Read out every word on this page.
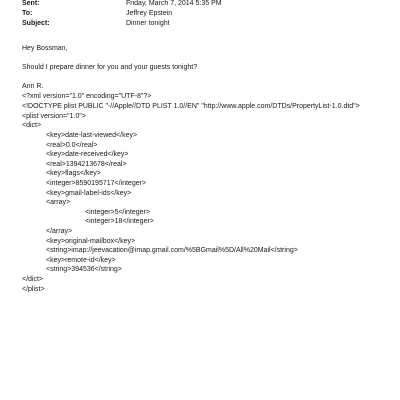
Sent:	Friday, March 7, 2014 5:35 PM
To:	Jeffrey Epstein
Subject:	Dinner tonight
Hey Bossman,
Should I prepare dinner for you and your guests tonight?
Ann R.
<?xml version="1.0" encoding="UTF-8"?>
<!DOCTYPE plist PUBLIC "-//Apple//DTD PLIST 1.0//EN" "http://www.apple.com/DTDs/PropertyList-1.0.dtd">
<plist version="1.0">
<dict>
<key>date-last-viewed</key>
<real>0.0</real>
<key>date-received</key>
<real>1394213678</real>
<key>flags</key>
<integer>8590195717</integer>
<key>gmail-label-ids</key>
<array>
<integer>5</integer>
<integer>18</integer>
</array>
<key>original-mailbox</key>
<string>imap://jeevacation@imap.gmail.com/%5BGmail%5D/All%20Mail</string>
<key>remote-id</key>
<string>394536</string>
</dict>
</plist>
